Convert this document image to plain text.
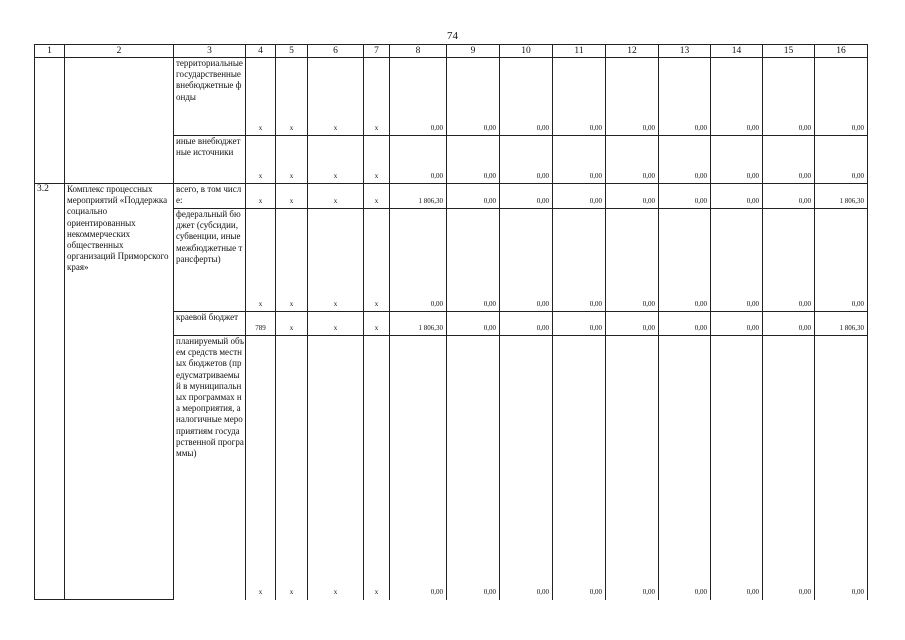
74
1	2	3	4	5	6	7	8	9	10	11	12	13	14	15	16
		территориальные государственные внебюджетные фонды	x	x	x	x	0,00	0,00	0,00	0,00	0,00	0,00	0,00	0,00	0,00
		иные внебюджетные источники	x	x	x	x	0,00	0,00	0,00	0,00	0,00	0,00	0,00	0,00	0,00
3.2	Комплекс процессных мероприятий «Поддержка социально ориентированных некоммерческих общественных организаций Приморского края»	всего, в том числе:	x	x	x	x	1 806,30	0,00	0,00	0,00	0,00	0,00	0,00	0,00	1 806,30
		федеральный бюджет (субсидии, субвенции, иные межбюджетные трансферты)	x	x	x	x	0,00	0,00	0,00	0,00	0,00	0,00	0,00	0,00	0,00
		краевой бюджет	789	x	x	x	1 806,30	0,00	0,00	0,00	0,00	0,00	0,00	0,00	1 806,30
		планируемый объем средств местных бюджетов (предусматриваемый в муниципальных программах на мероприятия, аналогичные мероприятиям государственной программы)	x	x	x	x	0,00	0,00	0,00	0,00	0,00	0,00	0,00	0,00	0,00
